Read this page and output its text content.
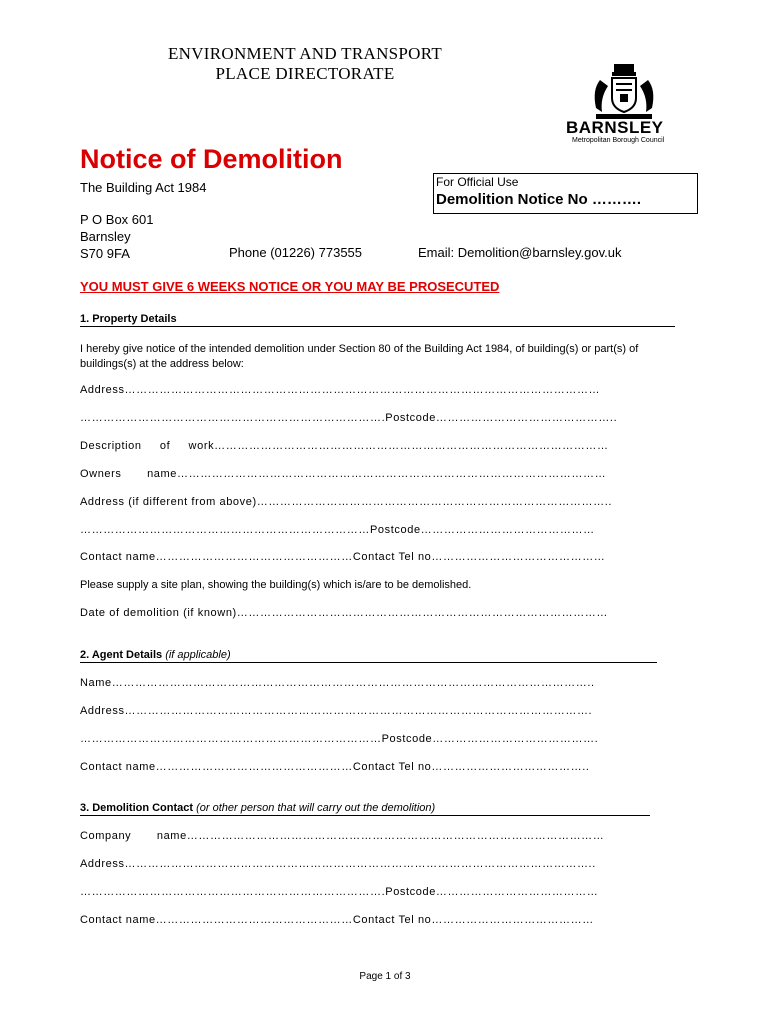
ENVIRONMENT AND TRANSPORT
PLACE DIRECTORATE
BARNSLEY
Metropolitan Borough Council
Notice of Demolition
The Building Act 1984	For Official Use
Demolition Notice No ……….
P O Box 601
Barnsley
S70 9FA	Phone (01226) 773555	Email: Demolition@barnsley.gov.uk
YOU MUST GIVE 6 WEEKS NOTICE OR YOU MAY BE PROSECUTED
1. Property Details
I hereby give notice of the intended demolition under Section 80 of the Building Act 1984, of building(s) or part(s) of buildings(s) at the address below:
Address……………………………………………………………………………………………………………
…………………………………………………………………….Postcode………………………………………..
Description     of     work…………………………………………………………………………………………
Owners       name…………………………………………………………………………………………………
Address (if different from above)………………………………………………………………………………..
…………………………………………………………………Postcode………………………………………
Contact name……………………………………………Contact Tel no………………………………………
Please supply a site plan, showing the building(s) which is/are to be demolished.
Date of demolition (if known)……………………………………………………………………………………
2. Agent Details (if applicable)
Name……………………………………………………………………………………………………………..
Address………………………………………………………………………………………………………….
……………………………………………………………………Postcode…………………………………….
Contact name……………………………………………Contact Tel no…………………………………..
3. Demolition Contact (or other person that will carry out the demolition)
Company       name………………………………………………………………………………………………
Address…………………………………………………………………………………………………………..
…………………………………………………………………….Postcode……………………………………
Contact name……………………………………………Contact Tel no……………………………………
Page 1 of 3
